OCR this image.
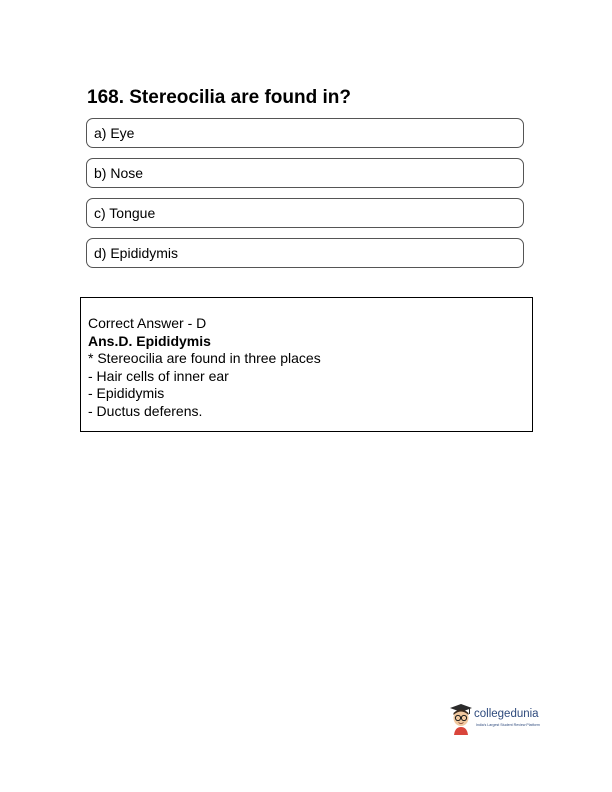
168. Stereocilia are found in?
a) Eye
b) Nose
c) Tongue
d) Epididymis
Correct Answer - D
Ans.D. Epididymis
* Stereocilia are found in three places
- Hair cells of inner ear
- Epididymis
- Ductus deferens.
collegedunia
India's Largest Student Review Platform
